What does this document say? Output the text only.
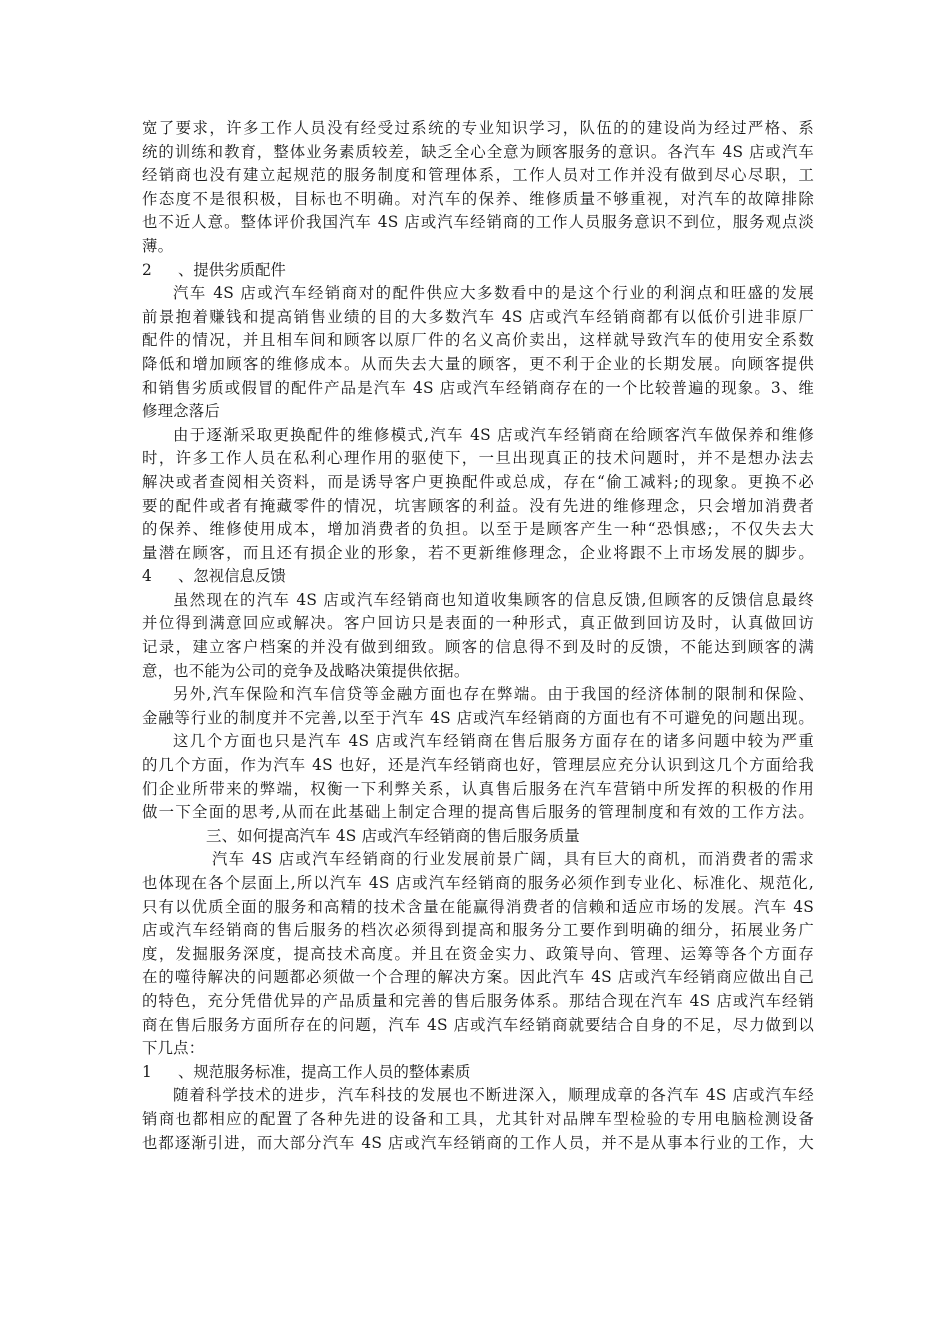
宽了要求，许多工作人员没有经受过系统的专业知识学习，队伍的的建设尚为经过严格、系
统的训练和教育，整体业务素质较差，缺乏全心全意为顾客服务的意识。各汽车 4S 店或汽车
经销商也没有建立起规范的服务制度和管理体系，工作人员对工作并没有做到尽心尽职，工
作态度不是很积极，目标也不明确。对汽车的保养、维修质量不够重视，对汽车的故障排除
也不近人意。整体评价我国汽车 4S 店或汽车经销商的工作人员服务意识不到位，服务观点淡
薄。
2	、提供劣质配件
汽车 4S 店或汽车经销商对的配件供应大多数看中的是这个行业的利润点和旺盛的发展
前景抱着赚钱和提高销售业绩的目的大多数汽车 4S 店或汽车经销商都有以低价引进非原厂
配件的情况，并且相车间和顾客以原厂件的名义高价卖出，这样就导致汽车的使用安全系数
降低和增加顾客的维修成本。从而失去大量的顾客，更不利于企业的长期发展。向顾客提供
和销售劣质或假冒的配件产品是汽车 4S 店或汽车经销商存在的一个比较普遍的现象。3、维
修理念落后
由于逐渐采取更换配件的维修模式,汽车 4S 店或汽车经销商在给顾客汽车做保养和维修
时，许多工作人员在私利心理作用的驱使下，一旦出现真正的技术问题时，并不是想办法去
解决或者查阅相关资料，而是诱导客户更换配件或总成，存在“偷工减料;的现象。更换不必
要的配件或者有掩藏零件的情况，坑害顾客的利益。没有先进的维修理念，只会增加消费者
的保养、维修使用成本，增加消费者的负担。以至于是顾客产生一种“恐惧感;，不仅失去大
量潜在顾客，而且还有损企业的形象，若不更新维修理念，企业将跟不上市场发展的脚步。
4	、忽视信息反馈
虽然现在的汽车 4S 店或汽车经销商也知道收集顾客的信息反馈,但顾客的反馈信息最终
并位得到满意回应或解决。客户回访只是表面的一种形式，真正做到回访及时，认真做回访
记录，建立客户档案的并没有做到细致。顾客的信息得不到及时的反馈，不能达到顾客的满
意，也不能为公司的竞争及战略决策提供依据。
另外,汽车保险和汽车信贷等金融方面也存在弊端。由于我国的经济体制的限制和保险、
金融等行业的制度并不完善,以至于汽车 4S 店或汽车经销商的方面也有不可避免的问题出现。
这几个方面也只是汽车 4S 店或汽车经销商在售后服务方面存在的诸多问题中较为严重
的几个方面，作为汽车 4S 也好，还是汽车经销商也好，管理层应充分认识到这几个方面给我
们企业所带来的弊端，权衡一下利弊关系，认真售后服务在汽车营销中所发挥的积极的作用
做一下全面的思考,从而在此基础上制定合理的提高售后服务的管理制度和有效的工作方法。
三、如何提高汽车 4S 店或汽车经销商的售后服务质量
汽车 4S 店或汽车经销商的行业发展前景广阔，具有巨大的商机，而消费者的需求
也体现在各个层面上,所以汽车 4S 店或汽车经销商的服务必须作到专业化、标准化、规范化,
只有以优质全面的服务和高精的技术含量在能赢得消费者的信赖和适应市场的发展。汽车 4S
店或汽车经销商的售后服务的档次必须得到提高和服务分工要作到明确的细分，拓展业务广
度，发掘服务深度，提高技术高度。并且在资金实力、政策导向、管理、运筹等各个方面存
在的噬待解决的问题都必须做一个合理的解决方案。因此汽车 4S 店或汽车经销商应做出自己
的特色，充分凭借优异的产品质量和完善的售后服务体系。那结合现在汽车 4S 店或汽车经销
商在售后服务方面所存在的问题，汽车 4S 店或汽车经销商就要结合自身的不足，尽力做到以
下几点：
1	、规范服务标准，提高工作人员的整体素质
随着科学技术的进步，汽车科技的发展也不断进深入，顺理成章的各汽车 4S 店或汽车经
销商也都相应的配置了各种先进的设备和工具，尤其针对品牌车型检验的专用电脑检测设备
也都逐渐引进，而大部分汽车 4S 店或汽车经销商的工作人员，并不是从事本行业的工作，大
